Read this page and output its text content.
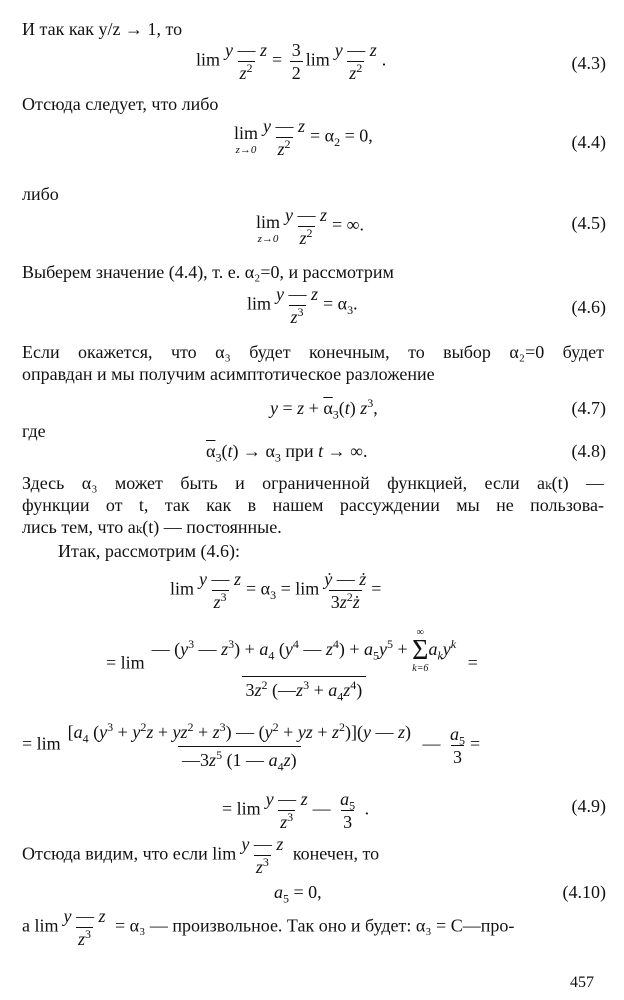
И так как y/z → 1, то
$\lim \frac{y — z}{z^2} = \frac{3}{2}$ $\lim \frac{y — z}{z^2}$ .	(4.3)
Отсюда следует, что либо
lim
$z\to 0 \frac{y — z}{z^2} = \alpha_2 = 0$,	(4.4)
либо
lim
$z\to 0 \frac{y — z}{z^2}$ = ∞.	(4.5)
Выберем значение (4.4), т. е. α₂=0, и рассмотрим
$\lim \frac{y — z}{z^3} = \alpha_3$.	(4.6)
Если окажется, что α₃ будет конечным, то выбор α₂=0 будет
оправдан и мы получим асимптотическое разложение
$y = z + \overline{\alpha}_3(t)$ $z^3$,	(4.7)
где
$\overline{\alpha}_3(t) \to \alpha_3$ при t → ∞.	(4.8)
Здесь α₃ может быть и ограниченной функцией, если aₖ(t) —
функции от t, так как в нашем рассуждении мы не пользова-
лись тем, что aₖ(t) — постоянные.
Итак, рассмотрим (4.6):
$\lim \frac{y — z}{z^3} = \alpha_3 = \lim \frac{\text{ẏ — ż}}{3z^2ż}$ =
= lim — ($y^3$ — $z^3) + a_4$ ($y^4$ — $z^4) + a_5y^5$ +
∞
Σ
k=6
$a_ky^k$
$3z^2$ $(—z^3 + a_4z^4)$ =
= $\lim \frac{[a_4 (y^3 + y^2z + yz^2 + z^3) — (y^2 + yz + z^2)](y — z)}{—3z^5 (1 — a_4z)}$ — $\frac{a_5}{3}$ =
= $\lim \frac{y — z}{z^3}$ — $\frac{a_5}{3}$ .	(4.9)
Отсюда видим, что если $\lim \frac{y — z}{z^3}$ конечен, то
$a_5 = 0$,	(4.10)
а $\lim \frac{y — z}{z^3} = \alpha_3$ — произвольное. Так оно и будет: α₃ = C—про-
457
